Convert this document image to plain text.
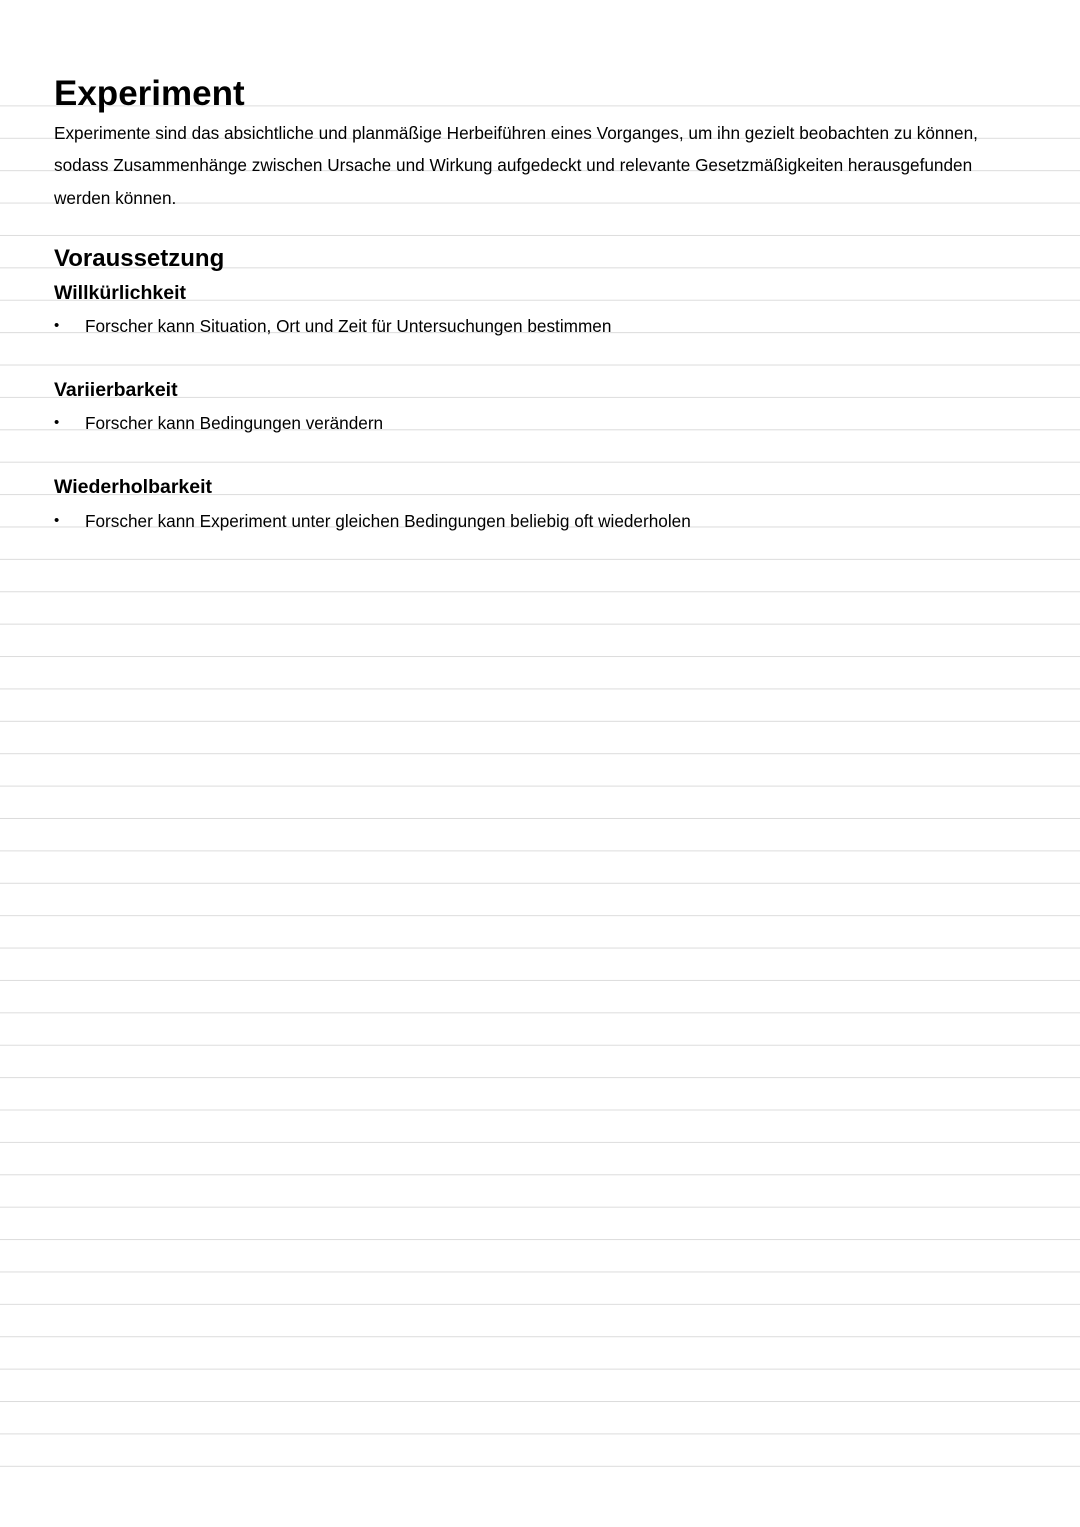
Experiment
Experimente sind das absichtliche und planmäßige Herbeiführen eines Vorganges, um ihn gezielt beobachten zu können,
sodass Zusammenhänge zwischen Ursache und Wirkung aufgedeckt und relevante Gesetzmäßigkeiten herausgefunden
werden können.
Voraussetzung
Willkürlichkeit
• Forscher kann Situation, Ort und Zeit für Untersuchungen bestimmen
Variierbarkeit
• Forscher kann Bedingungen verändern
Wiederholbarkeit
• Forscher kann Experiment unter gleichen Bedingungen beliebig oft wiederholen
